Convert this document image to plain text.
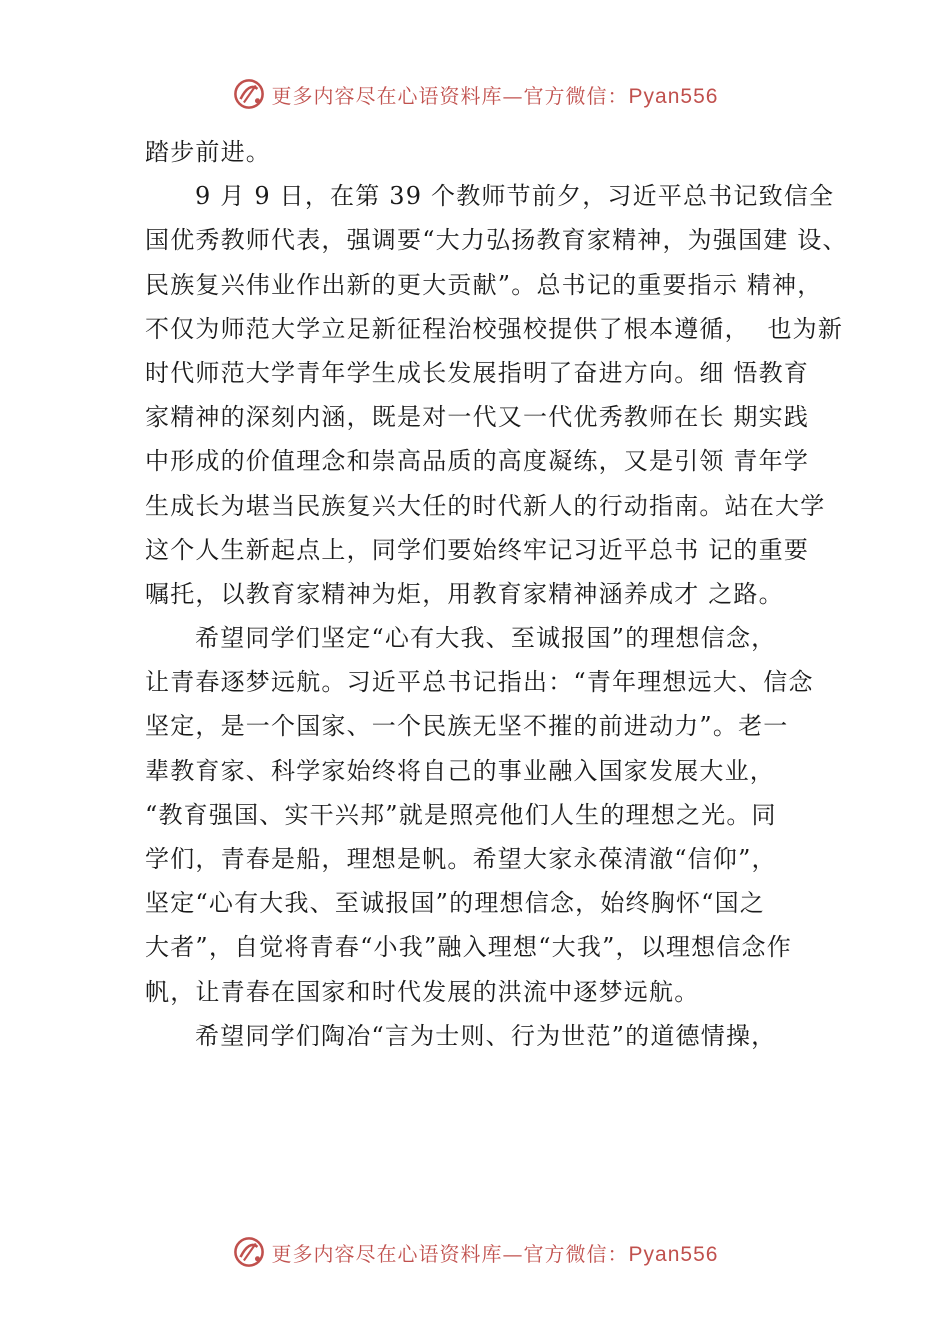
更多内容尽在心语资料库—官方微信：Pyan556
踏步前进。
9 月 9 日，在第 39 个教师节前夕，习近平总书记致信全
国优秀教师代表，强调要“大力弘扬教育家精神，为强国建 设、
民族复兴伟业作出新的更大贡献”。总书记的重要指示 精神，
不仅为师范大学立足新征程治校强校提供了根本遵循，  也为新
时代师范大学青年学生成长发展指明了奋进方向。细 悟教育
家精神的深刻内涵，既是对一代又一代优秀教师在长 期实践
中形成的价值理念和崇高品质的高度凝练，又是引领 青年学
生成长为堪当民族复兴大任的时代新人的行动指南。站在大学
这个人生新起点上，同学们要始终牢记习近平总书 记的重要
嘱托，以教育家精神为炬，用教育家精神涵养成才 之路。
希望同学们坚定“心有大我、至诚报国”的理想信念，
让青春逐梦远航。习近平总书记指出：“青年理想远大、信念
坚定，是一个国家、一个民族无坚不摧的前进动力”。老一
辈教育家、科学家始终将自己的事业融入国家发展大业，
“教育强国、实干兴邦”就是照亮他们人生的理想之光。同
学们，青春是船，理想是帆。希望大家永葆清澈“信仰”，
坚定“心有大我、至诚报国”的理想信念，始终胸怀“国之
大者”，自觉将青春“小我”融入理想“大我”，以理想信念作
帆，让青春在国家和时代发展的洪流中逐梦远航。
希望同学们陶冶“言为士则、行为世范”的道德情操，
更多内容尽在心语资料库—官方微信：Pyan556
